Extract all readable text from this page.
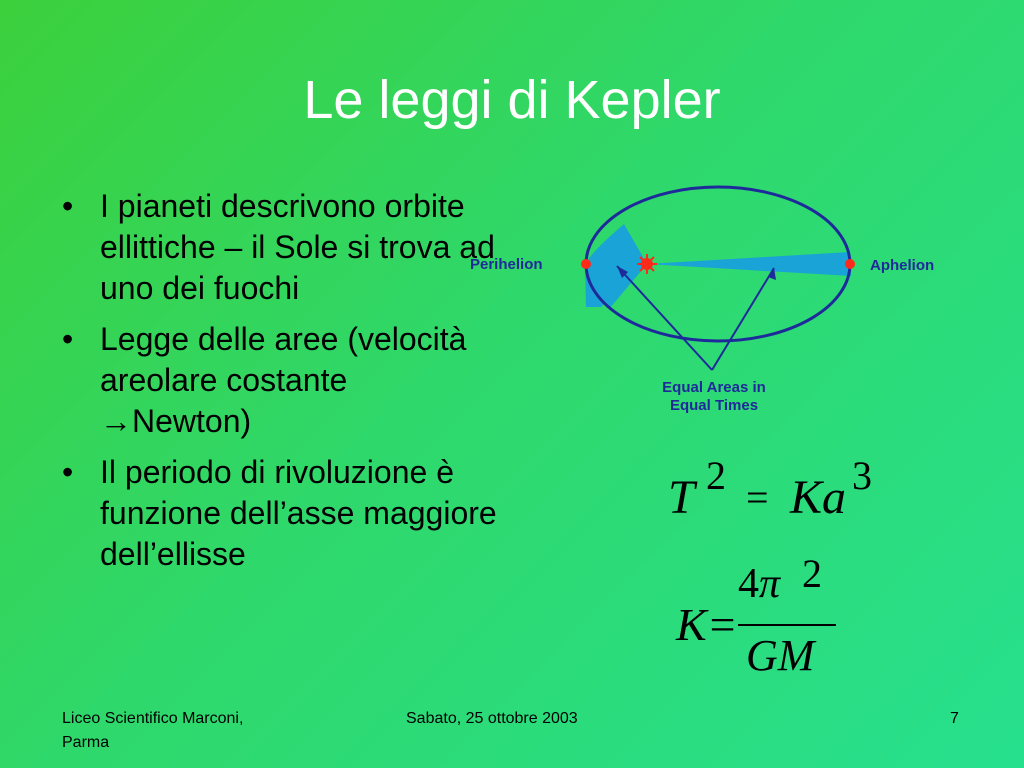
Le leggi di Kepler
• I pianeti descrivono orbite ellittiche – il Sole si trova ad uno dei fuochi
• Legge delle aree (velocità areolare costante →Newton)
• Il periodo di rivoluzione è funzione dell’asse maggiore dell’ellisse
Perihelion	Aphelion
Equal Areas in
Equal Times
T 2 = Ka 3
K=
4π 2
GM
Liceo Scientifico Marconi, Parma
Sabato, 25 ottobre 2003	7
